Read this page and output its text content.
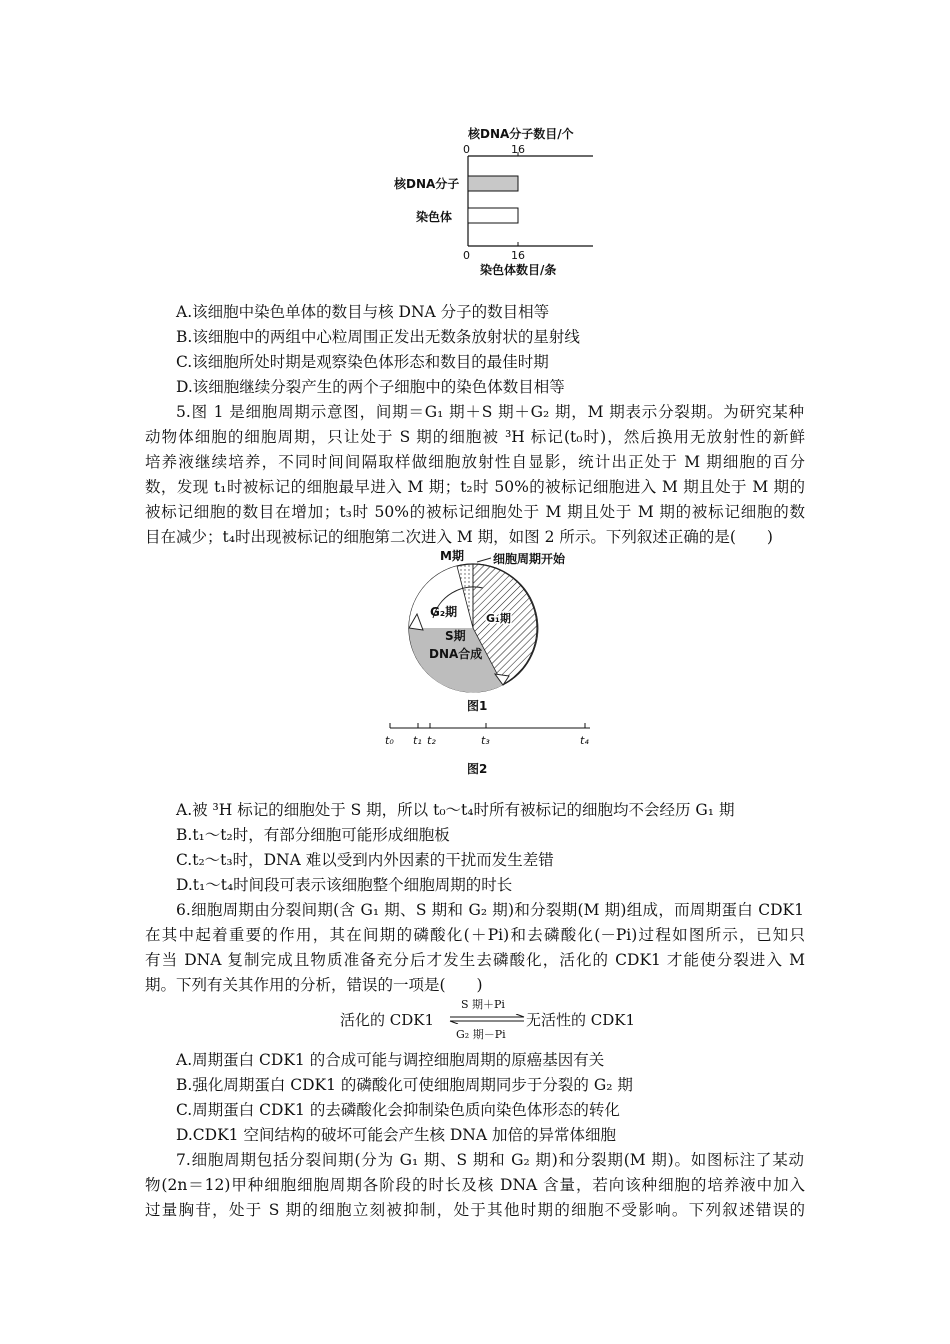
核DNA分子数目/个
0	16
核DNA分子
染色体
0	16
染色体数目/条
A.该细胞中染色单体的数目与核 DNA 分子的数目相等
B.该细胞中的两组中心粒周围正发出无数条放射状的星射线
C.该细胞所处时期是观察染色体形态和数目的最佳时期
D.该细胞继续分裂产生的两个子细胞中的染色体数目相等
5.图 1 是细胞周期示意图，间期＝G₁ 期＋S 期＋G₂ 期，M 期表示分裂期。为研究某种
动物体细胞的细胞周期，只让处于 S 期的细胞被 ³H 标记(t₀时)，然后换用无放射性的新鲜
培养液继续培养，不同时间间隔取样做细胞放射性自显影，统计出正处于 M 期细胞的百分
数，发现 t₁时被标记的细胞最早进入 M 期；t₂时 50%的被标记细胞进入 M 期且处于 M 期的
被标记细胞的数目在增加；t₃时 50%的被标记细胞处于 M 期且处于 M 期的被标记细胞的数
目在减少；t₄时出现被标记的细胞第二次进入 M 期，如图 2 所示。下列叙述正确的是(　　)
M期 细胞周期开始
G₂期	G₁期
S期
DNA合成
图1
t₀ t₁ t₂	t₃	t₄
图2
A.被 ³H 标记的细胞处于 S 期，所以 t₀～t₄时所有被标记的细胞均不会经历 G₁ 期
B.t₁～t₂时，有部分细胞可能形成细胞板
C.t₂～t₃时，DNA 难以受到内外因素的干扰而发生差错
D.t₁～t₄时间段可表示该细胞整个细胞周期的时长
6.细胞周期由分裂间期(含 G₁ 期、S 期和 G₂ 期)和分裂期(M 期)组成，而周期蛋白 CDK1
在其中起着重要的作用，其在间期的磷酸化(＋Pi)和去磷酸化(－Pi)过程如图所示，已知只
有当 DNA 复制完成且物质准备充分后才发生去磷酸化，活化的 CDK1 才能使分裂进入 M
期。下列有关其作用的分析，错误的一项是(　　)
活化的 CDK1
S 期＋Pi
G₂ 期－Pi
无活性的 CDK1
A.周期蛋白 CDK1 的合成可能与调控细胞周期的原癌基因有关
B.强化周期蛋白 CDK1 的磷酸化可使细胞周期同步于分裂的 G₂ 期
C.周期蛋白 CDK1 的去磷酸化会抑制染色质向染色体形态的转化
D.CDK1 空间结构的破坏可能会产生核 DNA 加倍的异常体细胞
7.细胞周期包括分裂间期(分为 G₁ 期、S 期和 G₂ 期)和分裂期(M 期)。如图标注了某动
物(2n＝12)甲种细胞细胞周期各阶段的时长及核 DNA 含量，若向该种细胞的培养液中加入
过量胸苷，处于 S 期的细胞立刻被抑制，处于其他时期的细胞不受影响。下列叙述错误的
